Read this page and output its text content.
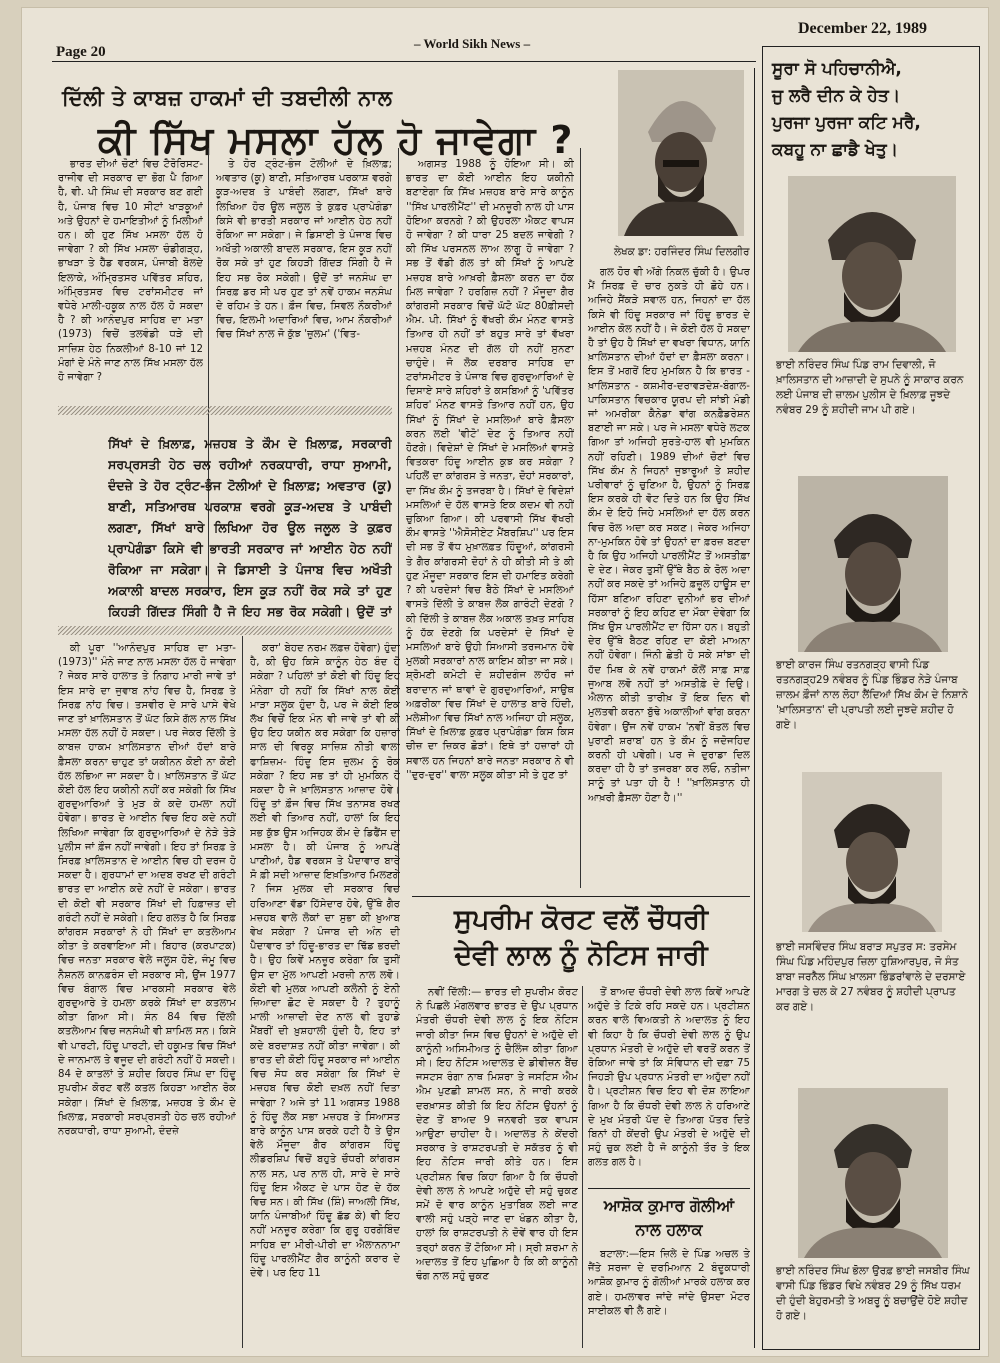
Page 20
– World Sikh News –
December 22, 1989
ਦਿੱਲੀ ਤੇ ਕਾਬਜ਼ ਹਾਕਮਾਂ ਦੀ ਤਬਦੀਲੀ ਨਾਲ
ਕੀ ਸਿੱਖ ਮਸਲਾ ਹੱਲ ਹੋ ਜਾਵੇਗਾ ?
ਲੇਖਕ ਡਾ: ਹਰਜਿੰਦਰ ਸਿੰਘ ਦਿਲਗੀਰ

ਭਾਰਤ ਦੀਆਂ ਚੋਣਾਂ ਵਿਚ ਟੈਰੋਰਿਸਟ-ਰਾਜੀਵ ਦੀ ਸਰਕਾਰ ਦਾ ਭੋਗ ਪੈ ਗਿਆ ਹੈ, ਵੀ. ਪੀ ਸਿੰਘ ਦੀ ਸਰਕਾਰ ਬਣ ਗਈ ਹੈ, ਪੰਜਾਬ ਵਿਚ 10 ਸੀਟਾਂ ਖਾੜਕੂਆਂ ਅਤੇ ਉਹਨਾਂ ਦੇ ਹਮਾਇਤੀਆਂ ਨੂੰ ਮਿਲੀਆਂ ਹਨ। ਕੀ ਹੁਣ ਸਿੱਖ ਮਸਲਾ ਹੱਲ ਹੋ ਜਾਵੇਗਾ ? ਕੀ ਸਿੱਖ ਮਸਲਾ ਚੰਡੀਗੜ੍ਹ, ਭਾਖੜਾ ਤੇ ਹੈੱਡ ਵਰਕਸ, ਪੰਜਾਬੀ ਬੋਲਦੇ ਇਲਾਕੇ, ਅੰਮ੍ਰਿਤਸਰ ਪਵਿੱਤਰ ਸ਼ਹਿਰ, ਅੰਮ੍ਰਿਤਸਰ ਵਿਚ ਟਰਾਂਸਮੀਟਰ ਜਾਂ ਵਧੇਰੇ ਮਾਲੀ-ਹਕੂਕ ਨਾਲ ਹੱਲ ਹੋ ਸਕਦਾ ਹੈ ? ਕੀ ਆਨੰਦਪੁਰ ਸਾਹਿਬ ਦਾ ਮਤਾ (1973) ਵਿਚੋਂ ਤਲਵੰਡੀ ਧੜੇ ਦੀ ਸਾਜ਼ਿਸ਼ ਹੇਠ ਨਿਕਲੀਆਂ 8-10 ਜਾਂ 12 ਮੰਗਾਂ ਦੇ ਮੰਨੇ ਜਾਣ ਨਾਲ ਸਿੱਖ ਮਸਲਾ ਹੱਲ ਹੋ ਜਾਵੇਗਾ ?

ਤੇ ਹੋਰ ਟ੍ਰੰਟ-ਭੰਜ ਟੋਲੀਆਂ ਦੇ ਖ਼ਿਲਾਫ਼; ਅਵਤਾਰ (ਕੂ) ਬਾਣੀ, ਸਤਿਆਰਥ ਪਰਕਾਸ਼ ਵਰਗੇ ਕੂੜ-ਅਦਬ ਤੇ ਪਾਬੰਦੀ ਲਗਣਾ, ਸਿੱਖਾਂ ਬਾਰੇ ਲਿਖਿਆ ਹੋਰ ਊਲ ਜਲੂਲ ਤੇ ਕੁਫ਼ਰ ਪ੍ਰਾਪੇਗੰਡਾ ਕਿਸੇ ਵੀ ਭਾਰਤੀ ਸਰਕਾਰ ਜਾਂ ਆਈਨ ਹੇਠ ਨਹੀਂ ਰੋਕਿਆ ਜਾ ਸਕੇਗਾ। ਜੇ ਡਿਸਾਈ ਤੇ ਪੰਜਾਬ ਵਿਚ ਅਖੌਤੀ ਅਕਾਲੀ ਬਾਦਲ ਸਰਕਾਰ, ਇਸ ਕੂੜ ਨਹੀਂ ਰੋਕ ਸਕੇ ਤਾਂ ਹੁਣ ਕਿਹੜੀ ਗਿੱਦੜ ਸਿੰਗੀ ਹੈ ਜੋ ਇਹ ਸਭ ਰੋਕ ਸਕੇਗੀ। ਉਦੋਂ ਤਾਂ ਜਨਸੰਘ ਦਾ ਸਿਰਫ਼ ਡਰ ਸੀ ਪਰ ਹੁਣ ਤਾਂ ਨਵੇਂ ਹਾਕਮ ਜਨਸੰਘ ਦੇ ਰਹਿਮ ਤੇ ਹਨ। ਫ਼ੌਜ ਵਿਚ, ਸਿਵਲ ਨੌਕਰੀਆਂ ਵਿਚ, ਇਲਮੀ ਅਦਾਰਿਆਂ ਵਿਚ, ਆਮ ਨੌਕਰੀਆਂ ਵਿਚ ਸਿੱਖਾਂ ਨਾਲ ਜੋ ਕੁੱਝ 'ਜ਼ੁਲਮ' ('ਵਿਤ-

ਸਿੱਖਾਂ ਦੇ ਖ਼ਿਲਾਫ਼, ਮਜ਼ਹਬ ਤੇ ਕੌਮ ਦੇ ਖ਼ਿਲਾਫ਼, ਸਰਕਾਰੀ ਸਰਪ੍ਰਸਤੀ ਹੇਠ ਚਲ ਰਹੀਆਂ ਨਰਕਧਾਰੀ, ਰਾਧਾ ਸੁਆਮੀ, ਦੰਦਜ਼ੇ ਤੇ ਹੋਰ ਟ੍ਰੰਟ-ਭੰਜ ਟੋਲੀਆਂ ਦੇ ਖ਼ਿਲਾਫ਼; ਅਵਤਾਰ (ਕੂ) ਬਾਣੀ, ਸਤਿਆਰਥ ਪਰਕਾਸ਼ ਵਰਗੇ ਕੂੜ-ਅਦਬ ਤੇ ਪਾਬੰਦੀ ਲਗਣਾ, ਸਿੱਖਾਂ ਬਾਰੇ ਲਿਖਿਆ ਹੋਰ ਊਲ ਜਲੂਲ ਤੇ ਕੁਫ਼ਰ ਪ੍ਰਾਪੇਗੰਡਾ ਕਿਸੇ ਵੀ ਭਾਰਤੀ ਸਰਕਾਰ ਜਾਂ ਆਈਨ ਹੇਠ ਨਹੀਂ ਰੋਕਿਆ ਜਾ ਸਕੇਗਾ। ਜੇ ਡਿਸਾਈ ਤੇ ਪੰਜਾਬ ਵਿਚ ਅਖੌਤੀ ਅਕਾਲੀ ਬਾਦਲ ਸਰਕਾਰ, ਇਸ ਕੂੜ ਨਹੀਂ ਰੋਕ ਸਕੇ ਤਾਂ ਹੁਣ ਕਿਹੜੀ ਗਿੱਦੜ ਸਿੰਗੀ ਹੈ ਜੋ ਇਹ ਸਭ ਰੋਕ ਸਕੇਗੀ। ਉਦੋਂ ਤਾਂ

ਅਗਸਤ 1988 ਨੂੰ ਹੋਇਆ ਸੀ। ਕੀ ਭਾਰਤ ਦਾ ਕੋਈ ਆਈਨ ਇਹ ਯਕੀਨੀ ਬਣਾਏਗਾ ਕਿ ਸਿੱਖ ਮਜ਼ਹਬ ਬਾਰੇ ਸਾਰੇ ਕਾਨੂੰਨ ''ਸਿੱਖ ਪਾਰਲੀਮੈਂਟ'' ਦੀ ਮਨਜ਼ੂਰੀ ਨਾਲ ਹੀ ਪਾਸ ਹੋਇਆ ਕਰਨਗੇ ? ਕੀ ਉਹਰਲਾ ਐਕਟ ਵਾਪਸ ਹੋ ਜਾਵੇਗਾ ? ਕੀ ਧਾਰਾ 25 ਬਦਲ ਜਾਵੇਗੀ ? ਕੀ ਸਿੱਖ ਪਰਸਨਲ ਲਾਅ ਲਾਗੂ ਹੋ ਜਾਵੇਗਾ ? ਸਭ ਤੋਂ ਵੱਡੀ ਗੱਲ ਤਾਂ ਕੀ ਸਿੱਖਾਂ ਨੂੰ ਆਪਣੇ ਮਜ਼ਹਬ ਬਾਰੇ ਆਖ਼ਰੀ ਫ਼ੈਸਲਾ ਕਰਨ ਦਾ ਹੱਕ ਮਿਲ ਜਾਵੇਗਾ ? ਹਰਗਿਜ਼ ਨਹੀਂ ? ਮੌਜੂਦਾ ਗੈਰ ਕਾਂਗਰਸੀ ਸਰਕਾਰ ਵਿਚੋਂ ਘੱਟੋ ਘੱਟ 80ਫ਼ੀਸਦੀ ਐਮ. ਪੀ. ਸਿੱਖਾਂ ਨੂੰ ਵੱਖਰੀ ਕੌਮ ਮੰਨਣ ਵਾਸਤੇ ਤਿਆਰ ਹੀ ਨਹੀਂ ਤਾਂ ਬਹੁਤ ਸਾਰੇ ਤਾਂ ਵੱਖਰਾ ਮਜ਼ਹਬ ਮੰਨਣ ਦੀ ਗੱਲ ਹੀ ਨਹੀਂ ਸੁਨਣਾ ਚਾਹੁੰਦੇ। ਜੋ ਲੋਕ ਦਰਬਾਰ ਸਾਹਿਬ ਦਾ ਟਰਾਂਸਮੀਟਰ ਤੇ ਪੰਜਾਬ ਵਿਚ ਗੁਰਦੁਆਰਿਆਂ ਦੇ ਦਿਸਾਏ ਸਾਰੇ ਸ਼ਹਿਰਾਂ ਤੇ ਕਸਬਿਆਂ ਨੂੰ 'ਪਵਿੱਤਰ ਸ਼ਹਿਰ' ਮੰਨਣ ਵਾਸਤੇ ਤਿਆਰ ਨਹੀਂ ਹਨ, ਉਹ ਸਿੱਖਾਂ ਨੂੰ ਸਿੱਖਾਂ ਦੇ ਮਸਲਿਆਂ ਬਾਰੇ ਫ਼ੈਸਲਾ ਕਰਨ ਲਈ 'ਵੀਟੋ' ਦੇਣ ਨੂੰ ਤਿਆਰ ਨਹੀਂ ਹੋਣਗੇ। ਵਿਦੇਸ਼ਾਂ ਦੇ ਸਿੱਖਾਂ ਦੇ ਮਸਲਿਆਂ ਵਾਸਤੇ ਵਿਤਕਰਾ ਹਿੰਦੂ ਆਈਨ ਕੁਝ ਕਰ ਸਕੇਗਾ ? ਪਹਿਲੋਂ ਦਾ ਕਾਂਗਰਸ ਤੇ ਜਨਤਾ, ਦੋਹਾਂ ਸਰਕਾਰਾਂ, ਦਾ ਸਿੱਖ ਕੌਮ ਨੂੰ ਤਜਰਬਾ ਹੈ। ਸਿੱਖਾਂ ਦੇ ਵਿਦੇਸ਼ਾਂ ਮਸਲਿਆਂ ਦੇ ਹੱਲ ਵਾਸਤੇ ਇਕ ਕਦਮ ਵੀ ਨਹੀਂ ਚੁਕਿਆ ਗਿਆ। ਕੀ ਪਰਵਾਸੀ ਸਿੱਖ ਵੱਖਰੀ ਕੌਮ ਵਾਸਤੇ ''ਐਸੋਸੀਏਟ ਮੈਂਬਰਸ਼ਿਪ'' ਪਰ ਇਸ ਦੀ ਸਭ ਤੋਂ ਵੱਧ ਮੁਖ਼ਾਲਫ਼ਤ ਹਿੰਦੂਆਂ, ਕਾਂਗਰਸੀ ਤੇ ਗੈਰ ਕਾਂਗਰਸੀ ਦੋਹਾਂ ਨੇ ਹੀ ਕੀਤੀ ਸੀ ਤੇ ਕੀ ਹੁਣ ਮੌਜੂਦਾ ਸਰਕਾਰ ਇਸ ਦੀ ਹਮਾਇਤ ਕਰੇਗੀ ? ਕੀ ਪਰਦੇਸਾਂ ਵਿਚ ਬੈਠੇ ਸਿੱਖਾਂ ਦੇ ਮਸਲਿਆਂ ਵਾਸਤੇ ਦਿੱਲੀ ਤੇ ਕਾਬਜ਼ ਲੋਕ ਗਾਰੰਟੀ ਦੇਣਗੇ ? ਕੀ ਦਿੱਲੀ ਤੇ ਕਾਬਜ਼ ਲੋਕ ਅਕਾਲ ਤਖ਼ਤ ਸਾਹਿਬ ਨੂੰ ਹੱਕ ਦੇਣਗੇ ਕਿ ਪਰਦੇਸਾਂ ਦੇ ਸਿੱਖਾਂ ਦੇ ਮਸਲਿਆਂ ਬਾਰੇ ਉਹੀ ਸਿਆਸੀ ਤਰਜਮਾਨ ਹੋਵੇ ਮੁਲਕੀ ਸਰਕਾਰਾਂ ਨਾਲ ਕਾਇਮ ਕੀਤਾ ਜਾ ਸਕੇ। ਸ਼੍ਰੋਮਣੀ ਕਮੇਟੀ ਦੇ ਸ਼ਹੀਦਗੰਜ ਲਾਹੌਰ ਜਾਂ ਬਰਾਦਾਨ ਜਾਂ ਥਾਵਾਂ ਦੇ ਗੁਰਦੁਆਰਿਆਂ, ਸਾਉਥ ਅਫ਼ਰੀਕਾ ਵਿਚ ਸਿੱਖਾਂ ਦੇ ਹਾਲਾਤ ਬਾਰੇ ਹਿੰਦੀ, ਮਲੇਸ਼ੀਆ ਵਿਚ ਸਿੱਖਾਂ ਨਾਲ ਅਜਿਹਾ ਹੀ ਸਲੂਕ, ਸਿੱਖਾਂ ਦੇ ਖ਼ਿਲਾਫ਼ ਕੁਫ਼ਰ ਪ੍ਰਾਪੇਗੰਡਾ ਕਿਸ ਕਿਸ ਚੀਜ਼ ਦਾ ਜ਼ਿਕਰ ਛੋੜਾਂ। ਇਥੇ ਤਾਂ ਹਜ਼ਾਰਾਂ ਹੀ ਸਵਾਲ ਹਨ ਜਿਹਨਾਂ ਬਾਰੇ ਜਨਤਾ ਸਰਕਾਰ ਨੇ ਵੀ ''ਦੁਰ-ਦੁਰ'' ਵਾਲਾ ਸਲੂਕ ਕੀਤਾ ਸੀ ਤੇ ਹੁਣ ਤਾਂ

ਗਲ ਹੋਰ ਵੀ ਅੱਗੇ ਨਿਕਲ ਚੁੱਕੀ ਹੈ। ਉਪਰ ਮੈਂ ਸਿਰਫ਼ ਦੋ ਚਾਰ ਨੁਕਤੇ ਹੀ ਛੋਹੇ ਹਨ। ਅਜਿਹੇ ਸੈਂਕੜੇ ਸਵਾਲ ਹਨ, ਜਿਹਨਾਂ ਦਾ ਹੱਲ ਕਿਸੇ ਵੀ ਹਿੰਦੂ ਸਰਕਾਰ ਜਾਂ ਹਿੰਦੂ ਭਾਰਤ ਦੇ ਆਈਨ ਕੋਲ ਨਹੀਂ ਹੈ। ਜੇ ਕੋਈ ਹੱਲ ਹੋ ਸਕਦਾ ਹੈ ਤਾਂ ਉਹ ਹੈ ਸਿੱਖਾਂ ਦਾ ਵਖਰਾ ਵਿਧਾਨ, ਯਾਨਿ ਖ਼ਾਲਿਸਤਾਨ ਦੀਆਂ ਹੱਦਾਂ ਦਾ ਫ਼ੈਸਲਾ ਕਰਨਾ। ਇਸ ਤੋਂ ਮਗਰੋਂ ਇਹ ਮੁਮਕਿਨ ਹੈ ਕਿ ਭਾਰਤ - ਖ਼ਾਲਿਸਤਾਨ - ਕਸ਼ਮੀਰ-ਦਰਾਵੜਦੇਸ਼-ਬੰਗਾਲ-ਪਾਕਿਸਤਾਨ ਵਿਚਕਾਰ ਯੂਰਪ ਦੀ ਸਾਂਝੀ ਮੰਡੀ ਜਾਂ ਅਮਰੀਕਾ ਕੈਨੇਡਾ ਵਾਂਗ ਕਨਫ਼ੈਡਰੇਸ਼ਨ ਬਣਾਈ ਜਾ ਸਕੇ। ਪਰ ਜੇ ਮਸਲਾ ਵਧੇਰੇ ਲਟਕ ਗਿਆ ਤਾਂ ਅਜਿਹੀ ਸੁਰਤੇ-ਹਾਲ ਵੀ ਮੁਮਕਿਨ ਨਹੀਂ ਰਹਿਣੀ। 1989 ਦੀਆਂ ਚੋਣਾਂ ਵਿਚ ਸਿੱਖ ਕੌਮ ਨੇ ਜਿਹਨਾਂ ਜੁਝਾਰੂਆਂ ਤੇ ਸ਼ਹੀਦ ਪਰੀਵਾਰਾਂ ਨੂੰ ਚੁਣਿਆ ਹੈ, ਉਹਨਾਂ ਨੂੰ ਸਿਰਫ਼ ਇਸ ਕਰਕੇ ਹੀ ਵੋਟ ਦਿਤੇ ਹਨ ਕਿ ਉਹ ਸਿੱਖ ਕੌਮ ਦੇ ਇਹੋ ਜਿਹੇ ਮਸਲਿਆਂ ਦਾ ਹੱਲ ਕਰਨ ਵਿਚ ਰੋਲ ਅਦਾ ਕਰ ਸਕਣ। ਜੇਕਰ ਅਜਿਹਾ ਨਾ-ਮੁਮਕਿਨ ਹੋਵੇ ਤਾਂ ਉਹਨਾਂ ਦਾ ਫ਼ਰਜ਼ ਬਣਦਾ ਹੈ ਕਿ ਉਹ ਅਜਿਹੀ ਪਾਰਲੀਮੈਂਟ ਤੋਂ ਅਸਤੀਫ਼ਾ ਦੇ ਦੇਣ। ਜੇਕਰ ਤੁਸੀਂ ਉੱਥੇ ਬੈਠ ਕੇ ਰੋਲ ਅਦਾ ਨਹੀਂ ਕਰ ਸਕਦੇ ਤਾਂ ਅਜਿਹੇ ਫ਼ਜ਼ੂਲ ਹਾਊਸ ਦਾ ਹਿੱਸਾ ਬਣਿਆ ਰਹਿਣਾ ਦੁਨੀਆਂ ਭਰ ਦੀਆਂ ਸਰਕਾਰਾਂ ਨੂੰ ਇਹ ਕਹਿਣ ਦਾ ਮੌਕਾ ਦੇਵੇਗਾ ਕਿ ਸਿੱਖ ਉਸ ਪਾਰਲੀਮੈਂਟ ਦਾ ਹਿੱਸਾ ਹਨ। ਬਹੁਤੀ ਦੇਰ ਉੱਥੇ ਬੈਠਣ ਰਹਿਣ ਦਾ ਕੋਈ ਮਾਅਨਾ ਨਹੀਂ ਹੋਵੇਗਾ। ਜਿੰਨੀ ਛੇਤੀ ਹੋ ਸਕੇ ਸਾਂਝਾ ਦੀ ਹੱਦ ਮਿਥ ਕੇ ਨਵੇਂ ਹਾਕਮਾਂ ਕੋਲੋਂ ਸਾਫ਼ ਸਾਫ਼ ਜੁਆਬ ਲਵੋ ਨਹੀਂ ਤਾਂ ਅਸਤੀਫ਼ੇ ਦੇ ਦਿਉ। ਐਲਾਨ ਕੀਤੀ ਤਾਰੀਖ਼ ਤੋਂ ਇਕ ਦਿਨ ਵੀ ਮੁਲਤਵੀ ਕਰਨਾ ਬੁੱਢੇ ਅਕਾਲੀਆਂ ਵਾਂਗ ਕਰਨਾ ਹੋਵੇਗਾ। ਉਂਜ ਨਵੇਂ ਹਾਕਮ 'ਨਵੀਂ ਬੋਤਲ ਵਿਚ ਪੁਰਾਣੀ ਸ਼ਰਾਬ' ਹਨ ਤੇ ਕੌਮ ਨੂੰ ਜਦੋਜਹਿਦ ਕਰਨੀ ਹੀ ਪਵੇਗੀ। ਪਰ ਜੇ ਦੁਰਾਡਾ ਦਿਲ ਕਰਦਾ ਹੀ ਹੈ ਤਾਂ ਤਜਰਬਾ ਕਰ ਲਓ, ਨਤੀਜਾ ਸਾਨੂੰ ਤਾਂ ਪਤਾ ਹੀ ਹੈ ! ''ਖ਼ਾਲਿਸਤਾਨ ਹੀ ਆਖ਼ਰੀ ਫ਼ੈਸਲਾ ਹੋਣਾ ਹੈ।''

ਕੀ ਪੂਰਾ ''ਆਨੰਦਪੁਰ ਸਾਹਿਬ ਦਾ ਮਤਾ-(1973)'' ਮੰਨੇ ਜਾਣ ਨਾਲ ਮਸਲਾ ਹੱਲ ਹੋ ਜਾਵੇਗਾ ? ਜੇਕਰ ਸਾਰੇ ਹਾਲਾਤ ਤੇ ਨਿਗਾਹ ਮਾਰੀ ਜਾਵੇ ਤਾਂ ਇਸ ਸਾਰੇ ਦਾ ਜੁਵਾਬ ਨਾਂਹ ਵਿਚ ਹੈ, ਸਿਰਫ਼ ਤੇ ਸਿਰਫ਼ ਨਾਂਹ ਵਿਚ। ਤਸਵੀਰ ਦੇ ਸਾਰੇ ਪਾਸੇ ਵੇਖੇ ਜਾਣ ਤਾਂ ਖ਼ਾਲਿਸਤਾਨ ਤੋਂ ਘੱਟ ਕਿਸੇ ਗੱਲ ਨਾਲ ਸਿੱਖ ਮਸਲਾ ਹੱਲ ਨਹੀਂ ਹੋ ਸਕਦਾ। ਪਰ ਜੇਕਰ ਦਿੱਲੀ ਤੇ ਕਾਬਜ਼ ਹਾਕਮ ਖ਼ਾਲਿਸਤਾਨ ਦੀਆਂ ਹੱਦਾਂ ਬਾਰੇ ਫ਼ੈਸਲਾ ਕਰਨਾ ਚਾਹੁਣ ਤਾਂ ਯਕੀਨਨ ਕੋਈ ਨਾ ਕੋਈ ਹੱਲ ਲਭਿਆ ਜਾ ਸਕਦਾ ਹੈ। ਖ਼ਾਲਿਸਤਾਨ ਤੋਂ ਘੱਟ ਕੋਈ ਹੱਲ ਇਹ ਯਕੀਨੀ ਨਹੀਂ ਕਰ ਸਕੇਗੀ ਕਿ ਸਿੱਖ ਗੁਰਦੁਆਰਿਆਂ ਤੇ ਮੁੜ ਕੇ ਕਦੇ ਹਮਲਾ ਨਹੀਂ ਹੋਵੇਗਾ। ਭਾਰਤ ਦੇ ਆਈਨ ਵਿਚ ਇਹ ਕਦੇ ਨਹੀਂ ਲਿਖਿਆ ਜਾਵੇਗਾ ਕਿ ਗੁਰਦੁਆਰਿਆਂ ਦੇ ਨੇੜੇ ਤੇੜੇ ਪੁਲੀਸ ਜਾਂ ਫ਼ੌਜ ਨਹੀਂ ਜਾਵੇਗੀ। ਇਹ ਤਾਂ ਸਿਰਫ਼ ਤੇ ਸਿਰਫ਼ ਖ਼ਾਲਿਸਤਾਨ ਦੇ ਆਈਨ ਵਿਚ ਹੀ ਦਰਜ ਹੋ ਸਕਦਾ ਹੈ। ਗੁਰਧਾਮਾਂ ਦਾ ਅਦਬ ਰਖਣ ਦੀ ਗਰੰਟੀ ਭਾਰਤ ਦਾ ਆਈਨ ਕਦੇ ਨਹੀਂ ਦੇ ਸਕੇਗਾ। ਭਾਰਤ ਦੀ ਕੋਈ ਵੀ ਸਰਕਾਰ ਸਿੱਖਾਂ ਦੀ ਹਿਫ਼ਾਜ਼ਤ ਦੀ ਗਰੰਟੀ ਨਹੀਂ ਦੇ ਸਕੇਗੀ। ਇਹ ਗਲਤ ਹੈ ਕਿ ਸਿਰਫ਼ ਕਾਂਗਰਸ ਸਰਕਾਰਾਂ ਨੇ ਹੀ ਸਿੱਖਾਂ ਦਾ ਕਤਲੇਆਮ ਕੀਤਾ ਤੇ ਕਰਵਾਇਆ ਸੀ। ਬਿਹਾਰ (ਕਰਪਾਟਕ) ਵਿਚ ਜਨਤਾ ਸਰਕਾਰ ਵੇਲੇ ਜਲੂਸ ਹੋਏ, ਜੰਮੂ ਵਿਚ ਨੈਸ਼ਨਲ ਕਾਨਫ਼ਰੰਸ ਦੀ ਸਰਕਾਰ ਸੀ, ਉਂਜ 1977 ਵਿਚ ਬੰਗਾਲ ਵਿਚ ਮਾਰਕਸੀ ਸਰਕਾਰ ਵੇਲੇ ਗੁਰਦੁਆਰੇ ਤੇ ਹਮਲਾ ਕਰਕੇ ਸਿੱਖਾਂ ਦਾ ਕਤਲਾਮ ਕੀਤਾ ਗਿਆ ਸੀ। ਸੰਨ 84 ਵਿਚ ਦਿੱਲੀ ਕਤਲੇਆਮ ਵਿਚ ਜਨਸੰਘੀ ਵੀ ਸ਼ਾਮਿਲ ਸਨ। ਕਿਸੇ ਵੀ ਪਾਰਟੀ, ਹਿੰਦੂ ਪਾਰਟੀ, ਦੀ ਹਕੂਮਤ ਵਿਚ ਸਿੱਖਾਂ ਦੇ ਜਾਨਮਾਲ ਤੇ ਵਜੂਦ ਦੀ ਗਰੰਟੀ ਨਹੀਂ ਹੋ ਸਕਦੀ। 84 ਦੇ ਕਾਤਲਾਂ ਤੇ ਸ਼ਹੀਦ ਕਿਹਰ ਸਿੰਘ ਦਾ ਹਿੰਦੂ ਸੁਪਰੀਮ ਕੋਰਟ ਵਲੋਂ ਕਤਲ ਕਿਹੜਾ ਆਈਨ ਰੋਕ ਸਕੇਗਾ। ਸਿੱਖਾਂ ਦੇ ਖ਼ਿਲਾਫ਼, ਮਜ਼ਹਬ ਤੇ ਕੌਮ ਦੇ ਖ਼ਿਲਾਫ਼, ਸਰਕਾਰੀ ਸਰਪ੍ਰਸਤੀ ਹੇਠ ਚਲ ਰਹੀਆਂ ਨਰਕਧਾਰੀ, ਰਾਧਾ ਸੁਆਮੀ, ਦੰਦਜ਼ੇ

ਕਰਾ' ਬੇਹਦ ਨਰਮ ਲਫ਼ਜ਼ ਹੋਵੇਗਾ) ਹੁੰਦਾ ਹੈ, ਕੀ ਉਹ ਕਿਸੇ ਕਾਨੂੰਨ ਹੇਠ ਬੰਦ ਹੋ ਸਕੇਗਾ ? ਪਹਿਲਾਂ ਤਾਂ ਕੋਈ ਵੀ ਹਿੰਦੂ ਇਹ ਮੰਨੇਗਾ ਹੀ ਨਹੀਂ ਕਿ ਸਿੱਖਾਂ ਨਾਲ ਕੋਈ ਮਾੜਾ ਸਲੂਕ ਹੁੰਦਾ ਹੈ, ਪਰ ਜੇ ਕੋਈ ਇਕ ਲੱਖ ਵਿਚੋਂ ਇਕ ਮੰਨ ਵੀ ਜਾਵੇ ਤਾਂ ਵੀ ਕੀ ਉਹ ਇਹ ਯਕੀਨ ਕਰ ਸਕੇਗਾ ਕਿ ਹਜ਼ਾਰਾਂ ਸਾਲ ਦੀ ਵਿਰਕੂ ਸਾਜ਼ਿਸ਼ ਨੀਤੀ ਵਾਲਾ ਫਾਸ਼ਿਜ਼ਮ- ਹਿੰਦੂ ਇਸ ਜ਼ੁਲਮ ਨੂੰ ਰੋਕ ਸਕੇਗਾ ? ਇਹ ਸਭ ਤਾਂ ਹੀ ਮੁਮਕਿਨ ਹੋ ਸਕਦਾ ਹੈ ਜੇ ਖ਼ਾਲਿਸਤਾਨ ਆਜ਼ਾਦ ਹੋਵੇ। ਹਿੰਦੂ ਤਾਂ ਫ਼ੌਜ ਵਿਚ ਸਿੱਖ ਤਨਾਸਬ ਰਖਣ ਲਈ ਵੀ ਤਿਆਰ ਨਹੀਂ, ਹਾਲਾਂ ਕਿ ਇਹ ਸਭ ਕੁੱਝ ਉਸ ਅਜਿਹਕ ਕੌਮ ਦੇ ਡਿਫੈਂਸ ਦਾ ਮਸਲਾ ਹੈ। ਕੀ ਪੰਜਾਬ ਨੂੰ ਆਪਣੇ ਪਾਣੀਆਂ, ਹੈਡ ਵਰਕਸ ਤੇ ਪੈਦਾਵਾਰ ਬਾਰੇ ਸੋ ਫ਼ੀ ਸਦੀ ਆਜ਼ਾਦ ਇਖ਼ਤਿਆਰ ਮਿਲਣਗੇ ? ਜਿਸ ਮੁਲਕ ਦੀ ਸਰਕਾਰ ਵਿਚ ਹਰਿਆਣਾ ਵੱਡਾ ਹਿੱਸੇਦਾਰ ਹੋਵੇ, ਉੱਥੇ ਗੈਰ ਮਜ਼ਹਬ ਵਾਲੇ ਲੋਕਾਂ ਦਾ ਸੁਭਾ ਕੀ ਖ਼ੁਆਬ ਵੇਖ ਸਕੇਗਾ ? ਪੰਜਾਬ ਦੀ ਅੰਨ ਦੀ ਪੈਦਾਵਾਰ ਤਾਂ ਹਿੰਦੂ-ਭਾਰਤ ਦਾ ਢਿੱਡ ਭਰਦੀ ਹੈ। ਉਹ ਕਿਵੇਂ ਮਨਜ਼ੂਰ ਕਰੇਗਾ ਕਿ ਤੁਸੀਂ ਉਸ ਦਾ ਮੁੱਲ ਆਪਣੀ ਮਰਜ਼ੀ ਨਾਲ ਲਵੋ। ਕੋਈ ਵੀ ਮੁਲਕ ਆਪਣੀ ਕਲੋਨੀ ਨੂੰ ਏਨੀ ਜ਼ਿਆਦਾ ਛੋਟ ਦੇ ਸਕਦਾ ਹੈ ? ਤੁਹਾਨੂੰ ਮਾਲੀ ਆਜ਼ਾਦੀ ਦੇਣ ਨਾਲ ਵੀ ਤੁਹਾਡੇ ਮੈਂਬਰੀਂ ਦੀ ਖ਼ੁਸ਼ਹਾਲੀ ਹੁੰਦੀ ਹੈ, ਇਹ ਤਾਂ ਕਦੇ ਬਰਦਾਸ਼ਤ ਨਹੀਂ ਕੀਤਾ ਜਾਵੇਗਾ। ਕੀ ਭਾਰਤ ਦੀ ਕੋਈ ਹਿੰਦੂ ਸਰਕਾਰ ਜਾਂ ਆਈਨ ਵਿਚ ਸੋਧ ਕਰ ਸਕੇਗਾ ਕਿ ਸਿੱਖਾਂ ਦੇ ਮਜ਼ਹਬ ਵਿਚ ਕੋਈ ਦਖ਼ਲ ਨਹੀਂ ਦਿਤਾ ਜਾਵੇਗਾ ? ਅਜੇ ਤਾਂ 11 ਅਗਸਤ 1988 ਨੂੰ ਹਿੰਦੂ ਲੋਕ ਸਭਾ ਮਜ਼ਹਬ ਤੇ ਸਿਆਸਤ ਬਾਰੇ ਕਾਨੂੰਨ ਪਾਸ ਕਰਕੇ ਹਟੀ ਹੈ ਤੇ ਉਸ ਵੇਲੇ ਮੌਜੂਦਾ ਗੈਰ ਕਾਂਗਰਸ ਹਿੰਦੂ ਲੀਡਰਸ਼ਿਪ ਵਿਚੋਂ ਬਹੁਤੇ ਚੌਧਰੀ ਕਾਂਗਰਸ ਨਾਲ ਸਨ, ਪਰ ਨਾਲ ਹੀ, ਸਾਰੇ ਦੇ ਸਾਰੇ ਹਿੰਦੂ ਇਸ ਐਕਟ ਦੇ ਪਾਸ ਹੋਣ ਦੇ ਹੱਕ ਵਿਚ ਸਨ। ਕੀ ਸਿੱਖ (ਸ਼ਿੰ) ਜਾਅਲੀ ਸਿੱਖ, ਯਾਨਿ ਪੰਜਾਬੀਆਂ ਹਿੰਦੂ ਛੱਡ ਕੇ) ਵੀ ਇਹ ਨਹੀਂ ਮਨਜ਼ੂਰ ਕਰੇਗਾ ਕਿ ਗੁਰੂ ਹਰਗੋਬਿੰਦ ਸਾਹਿਬ ਦਾ ਮੀਰੀ-ਪੀਰੀ ਦਾ ਐਲਾਨਨਾਮਾ ਹਿੰਦੂ ਪਾਰਲੀਮੈਂਟ ਗੈਰ ਕਾਨੂੰਨੀ ਕਰਾਰ ਦੇ ਦੇਵੇ। ਪਰ ਇਹ 11

ਸੁਪਰੀਮ ਕੋਰਟ ਵਲੋਂ ਚੌਧਰੀ
ਦੇਵੀ ਲਾਲ ਨੂੰ ਨੋਟਿਸ ਜਾਰੀ

ਨਵੀਂ ਦਿੱਲੀ:— ਭਾਰਤ ਦੀ ਸੁਪਰੀਮ ਕੋਰਟ ਨੇ ਪਿਛਲੇ ਮੰਗਲਵਾਰ ਭਾਰਤ ਦੇ ਉਪ ਪ੍ਰਧਾਨ ਮੰਤਰੀ ਚੌਧਰੀ ਦੇਵੀ ਲਾਲ ਨੂੰ ਇਕ ਨੋਟਿਸ ਜਾਰੀ ਕੀਤਾ ਜਿਸ ਵਿਚ ਉਹਨਾਂ ਦੇ ਅਹੁੱਦੇ ਦੀ ਕਾਨੂੰਨੀ ਅਸਿਮੀਅਤ ਨੂੰ ਚੈਲਿੰਜ ਕੀਤਾ ਗਿਆ ਸੀ। ਇਹ ਨੋਟਿਸ ਅਦਾਲਤ ਦੇ ਡੀਵੀਜ਼ਨ ਬੈਂਚ ਜਸਟਸ ਰੰਗਾ ਨਾਥ ਮਿਸ਼ਰਾ ਤੇ ਜਸਟਿਸ ਐਮ ਐਮ ਪੁਣਛੀ ਸ਼ਾਮਲ ਸਨ, ਨੇ ਜਾਰੀ ਕਰਕੇ ਦਰਖ਼ਾਸਤ ਕੀਤੀ ਕਿ ਇਹ ਨੋਟਿਸ ਉਹਨਾਂ ਨੂੰ ਦੇਣ ਤੋਂ ਬਾਅਦ 9 ਜਨਵਰੀ ਤਕ ਵਾਪਸ ਆਉਣਾ ਚਾਹੀਦਾ ਹੈ। ਅਦਾਲਤ ਨੇ ਕੇਂਦਰੀ ਸਰਕਾਰ ਤੇ ਰਾਸ਼ਟਰਪਤੀ ਦੇ ਸਕੱਤਰ ਨੂੰ ਵੀ ਇਹ ਨੋਟਿਸ ਜਾਰੀ ਕੀਤੇ ਹਨ। ਇਸ ਪ੍ਰਟੀਸ਼ਨ ਵਿਚ ਕਿਹਾ ਗਿਆ ਹੈ ਕਿ ਚੌਧਰੀ ਦੇਵੀ ਲਾਲ ਨੇ ਆਪਣੇ ਅਹੁੱਦੇ ਦੀ ਸਹੁੰ ਚੁਕਣ ਸਮੇਂ ਦੋ ਵਾਰ ਕਾਨੂੰਨ ਮੁਤਾਬਿਕ ਲਈ ਜਾਣ ਵਾਲੀ ਸਹੁੰ ਪੜ੍ਹੇ ਜਾਣ ਦਾ ਖੰਡਨ ਕੀਤਾ ਹੈ, ਹਾਲਾਂ ਕਿ ਰਾਸ਼ਟਰਪਤੀ ਨੇ ਦੋਵੇਂ ਵਾਰ ਹੀ ਇਸ ਤਰ੍ਹਾਂ ਕਰਨ ਤੋਂ ਟੋਕਿਆ ਸੀ। ਸ੍ਰੀ ਸ਼ਰਮਾ ਨੇ ਅਦਾਲਤ ਤੋਂ ਇਹ ਪੁਛਿਆ ਹੈ ਕਿ ਕੀ ਕਾਨੂੰਨੀ ਢੰਗ ਨਾਲ ਸਹੁੰ ਚੁਕਣ

ਤੋਂ ਬਾਅਦ ਚੌਧਰੀ ਦੇਵੀ ਲਾਲ ਕਿਵੇਂ ਆਪਣੇ ਅਹੁੱਦੇ ਤੇ ਟਿਕੇ ਰਹਿ ਸਕਦੇ ਹਨ। ਪ੍ਰਟੀਸ਼ਨ ਕਰਨ ਵਾਲੇ ਵਿਅਕਤੀ ਨੇ ਅਦਾਲਤ ਨੂੰ ਇਹ ਵੀ ਕਿਹਾ ਹੈ ਕਿ ਚੌਧਰੀ ਦੇਵੀ ਲਾਲ ਨੂੰ ਉਪ ਪ੍ਰਧਾਨ ਮੰਤਰੀ ਦੇ ਅਹੁੱਦੇ ਦੀ ਵਰਤੋਂ ਕਰਨ ਤੋਂ ਰੋਕਿਆ ਜਾਵੇ ਤਾਂ ਕਿ ਸੰਵਿਧਾਨ ਦੀ ਦਫ਼ਾ 75 ਜਿਹੜੀ ਉਪ ਪ੍ਰਧਾਨ ਮੰਤਰੀ ਦਾ ਅਹੁੱਦਾ ਨਹੀਂ ਹੈ। ਪ੍ਰਟੀਸ਼ਨ ਵਿਚ ਇਹ ਵੀ ਦੋਸ਼ ਲਾਇਆ ਗਿਆ ਹੈ ਕਿ ਚੌਧਰੀ ਦੇਵੀ ਲਾਲ ਨੇ ਹਰਿਆਣੇ ਦੇ ਮੁਖ ਮੰਤਰੀ ਪੱਦ ਦੇ ਤਿਆਗ ਪੱਤਰ ਦਿਤੇ ਬਿਨਾਂ ਹੀ ਕੇਂਦਰੀ ਉਪ ਮੰਤਰੀ ਦੇ ਅਹੁੱਦੇ ਦੀ ਸਹੁੰ ਚੁਕ ਲਈ ਹੈ ਜੋ ਕਾਨੂੰਨੀ ਤੌਰ ਤੇ ਇਕ ਗਲਤ ਗਲ ਹੈ।

ਆਸ਼ੋਕ ਕੁਮਾਰ ਗੋਲੀਆਂ
ਨਾਲ ਹਲਾਕ

ਬਟਾਲਾ:—ਇਸ ਜ਼ਿਲੇ ਦੇ ਪਿੰਡ ਅਚਲ ਤੇ ਜੈਂਤੇ ਸਰਜਾ ਦੇ ਦਰਮਿਆਨ 2 ਬੰਦੂਕਧਾਰੀ ਆਸ਼ੋਕ ਕੁਮਾਰ ਨੂੰ ਗੋਲੀਆਂ ਮਾਰਕੇ ਹਲਾਕ ਕਰ ਗਏ। ਹਮਲਾਵਰ ਜਾਂਦੇ ਜਾਂਦੇ ਉਸਦਾ ਮੋਟਰ ਸਾਈਕਲ ਵੀ ਲੈ ਗਏ।

ਸੂਰਾ ਸੋ ਪਹਿਚਾਨੀਐ,
ਜੁ ਲਰੈ ਦੀਨ ਕੇ ਹੇਤ।
ਪੁਰਜਾ ਪੁਰਜਾ ਕਟਿ ਮਰੈ,
ਕਬਹੂ ਨਾ ਛਾਡੈ ਖੇਤੁ।
ਭਾਈ ਨਰਿੰਦਰ ਸਿੰਘ ਪਿੰਡ ਰਾਮ ਦਿਵਾਲੀ, ਜੋ ਖ਼ਾਲਿਸਤਾਨ ਦੀ ਆਜ਼ਾਦੀ ਦੇ ਸੁਪਨੇ ਨੂੰ ਸਾਕਾਰ ਕਰਨ ਲਈ ਪੰਜਾਬ ਦੀ ਜ਼ਾਲਮ ਪੁਲੀਸ ਦੇ ਖ਼ਿਲਾਫ਼ ਜੂਝਦੇ ਨਵੰਬਰ 29 ਨੂੰ ਸ਼ਹੀਦੀ ਜਾਮ ਪੀ ਗਏ।
ਭਾਈ ਕਾਰਜ ਸਿੰਘ ਰਤਨਗੜ੍ਹ ਵਾਸੀ ਪਿੰਡ ਰਤਨਗੜ੍ਹ29 ਨਵੰਬਰ ਨੂੰ ਪਿੰਡ ਭਿੰਡਰ ਨੇੜੇ ਪੰਜਾਬ ਜ਼ਾਲਮ ਫ਼ੌਜਾਂ ਨਾਲ ਲੋਹਾ ਲੈਂਦਿਆਂ ਸਿੱਖ ਕੌਮ ਦੇ ਨਿਸ਼ਾਨੇ 'ਖ਼ਾਲਿਸਤਾਨ' ਦੀ ਪ੍ਰਾਪਤੀ ਲਈ ਜੂਝਦੇ ਸ਼ਹੀਦ ਹੋ ਗਏ।
ਭਾਈ ਜਸਵਿੰਦਰ ਸਿੰਘ ਬਰਾੜ ਸਪੁਤਰ ਸ: ਤਰਸੇਮ ਸਿੰਘ ਪਿੰਡ ਮਹਿੰਦਪੁਰ ਜ਼ਿਲਾ ਹੁਸ਼ਿਆਰਪੁਰ, ਜੋ ਸੰਤ ਬਾਬਾ ਜਰਨੈਲ ਸਿੰਘ ਖ਼ਾਲਸਾ ਭਿੰਡਰਾਂਵਾਲੇ ਦੇ ਦਰਸਾਏ ਮਾਰਗ ਤੇ ਚਲ ਕੇ 27 ਨਵੰਬਰ ਨੂੰ ਸ਼ਹੀਦੀ ਪ੍ਰਾਪਤ ਕਰ ਗਏ।
ਭਾਈ ਨਰਿੰਦਰ ਸਿੰਘ ਭੋਲਾ ਉਰਫ਼ ਭਾਈ ਜਸਬੀਰ ਸਿੰਘ ਵਾਸੀ ਪਿੰਡ ਭਿੰਡਰ ਵਿਖੇ ਨਵੰਬਰ 29 ਨੂੰ ਸਿੱਖ ਧਰਮ ਦੀ ਹੁੰਦੀ ਬੇਹੁਰਮਤੀ ਤੇ ਅਬਰੂ ਨੂੰ ਬਚਾਉਂਦੇ ਹੋਏ ਸ਼ਹੀਦ ਹੋ ਗਏ।
